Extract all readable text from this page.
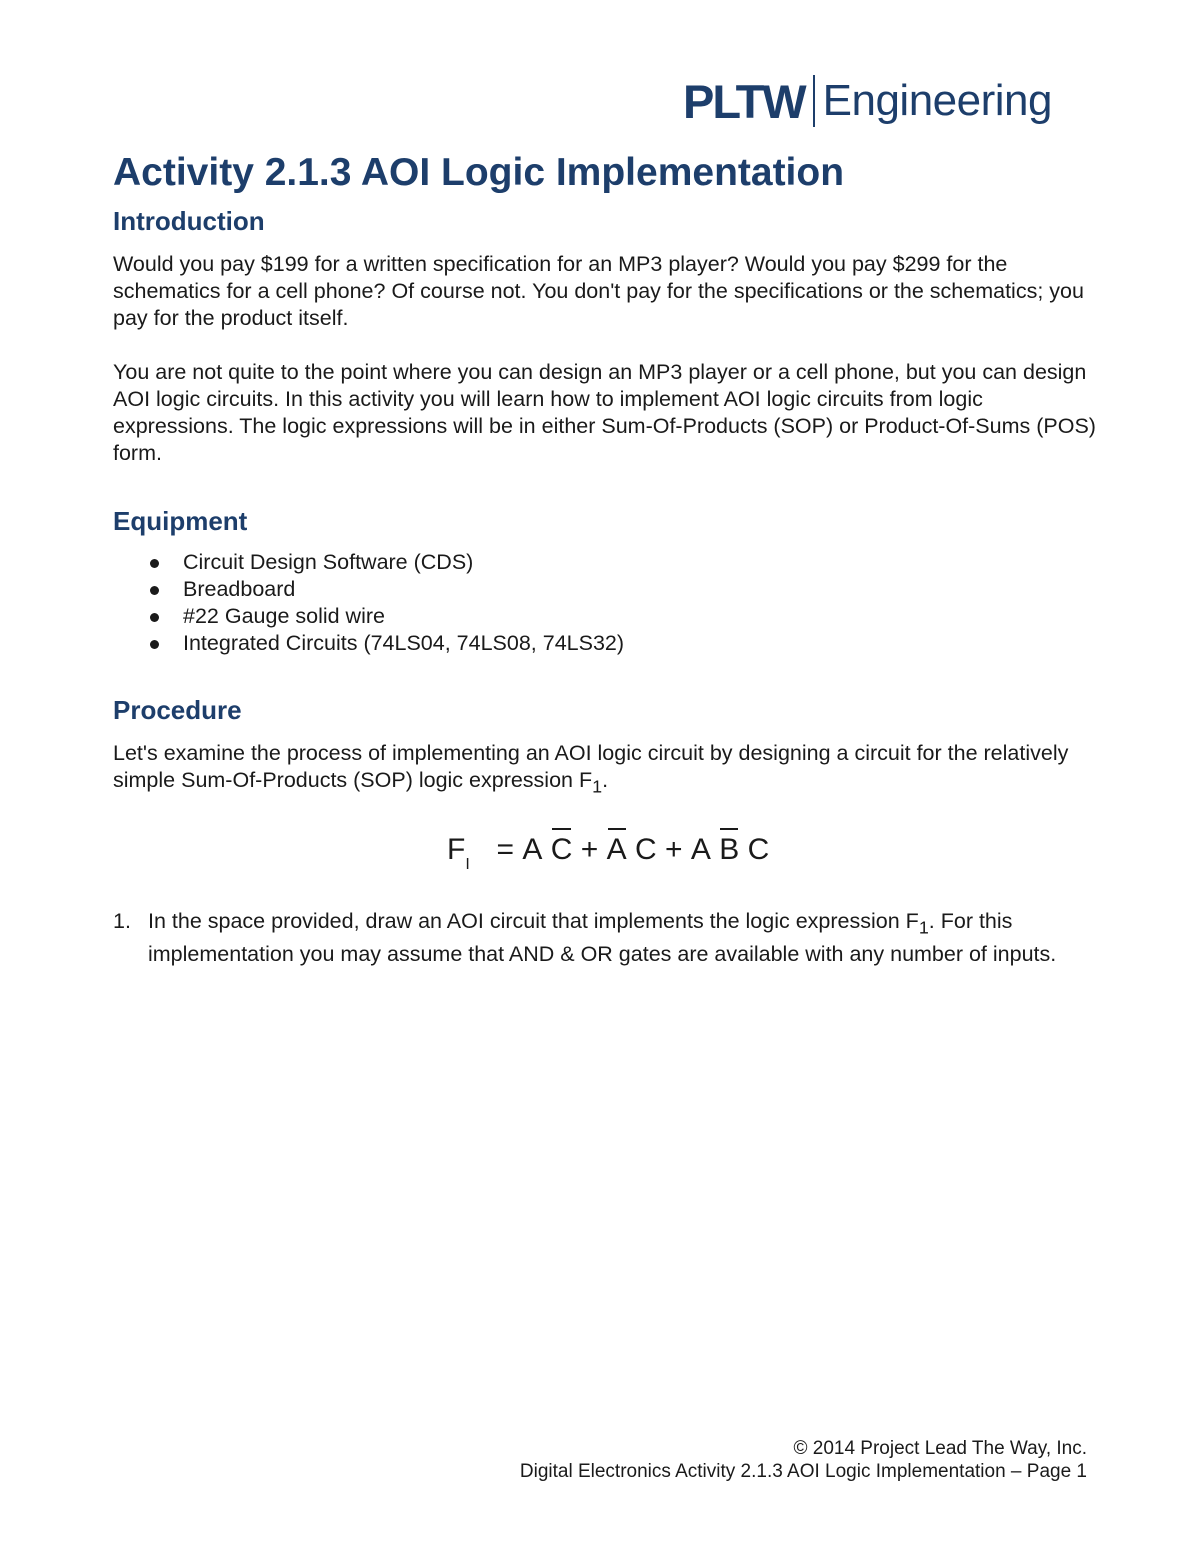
PLTW Engineering
Activity 2.1.3 AOI Logic Implementation
Introduction

Would you pay $199 for a written specification for an MP3 player? Would you pay $299 for the schematics for a cell phone? Of course not. You don't pay for the specifications or the schematics; you pay for the product itself.

You are not quite to the point where you can design an MP3 player or a cell phone, but you can design AOI logic circuits. In this activity you will learn how to implement AOI logic circuits from logic expressions. The logic expressions will be in either Sum-Of-Products (SOP) or Product-Of-Sums (POS) form.

Equipment
Circuit Design Software (CDS)
Breadboard
#22 Gauge solid wire
Integrated Circuits (74LS04, 74LS08, 74LS32)
Procedure

Let's examine the process of implementing an AOI logic circuit by designing a circuit for the relatively simple Sum-Of-Products (SOP) logic expression $F_1$.

FI = A C + A C + A B C
1. In the space provided, draw an AOI circuit that implements the logic expression $F_1$. For this implementation you may assume that AND & OR gates are available with any number of inputs.
© 2014 Project Lead The Way, Inc.
Digital Electronics Activity 2.1.3 AOI Logic Implementation – Page 1
